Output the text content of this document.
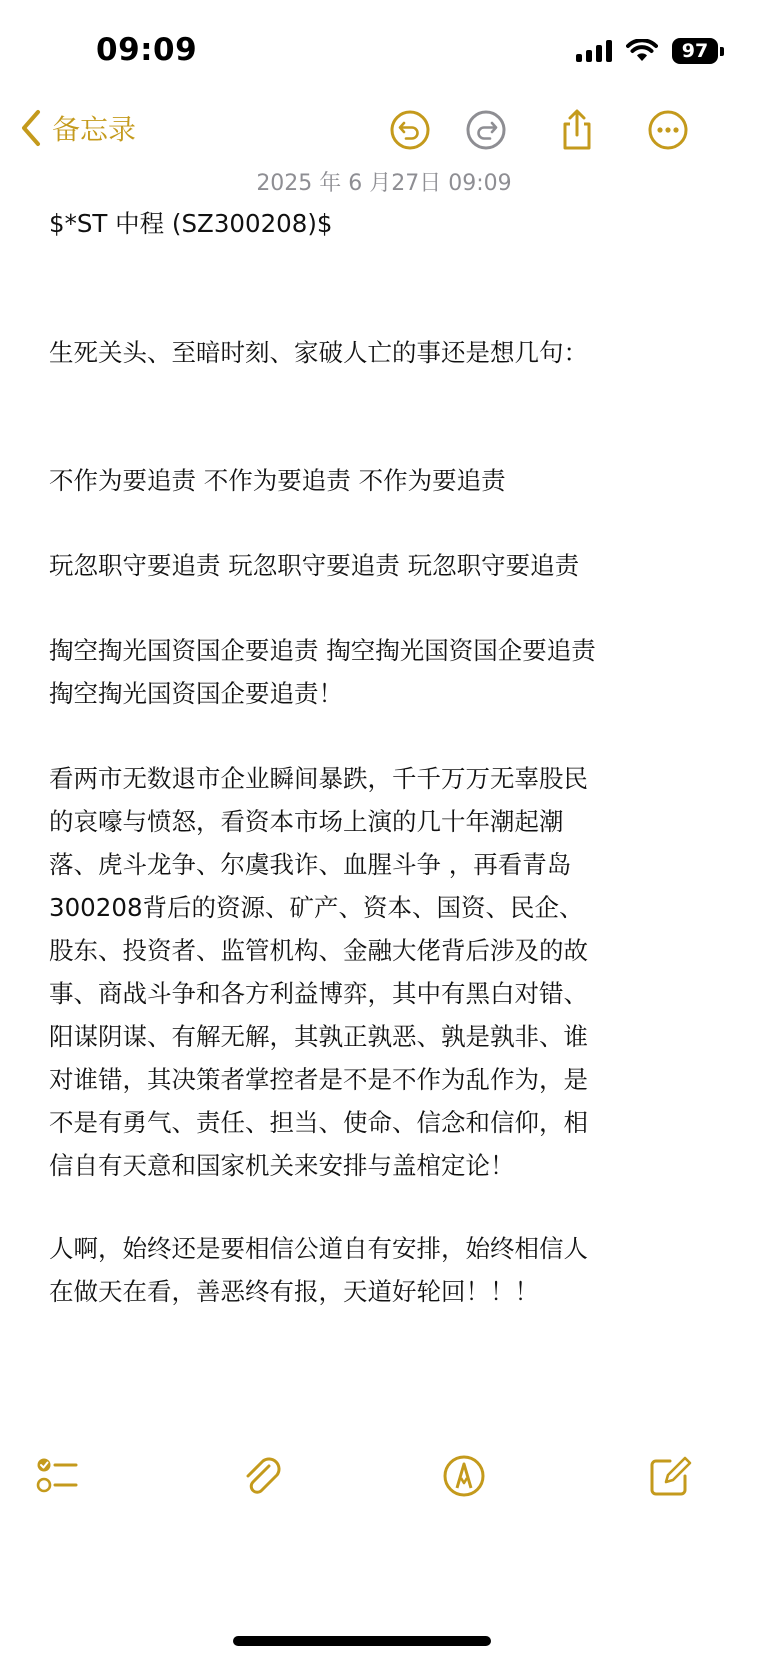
09:09	97
备忘录
2025 年 6 月27日 09:09
$*ST 中程 (SZ300208)$
生死关头、至暗时刻、家破人亡的事还是想几句：
不作为要追责 不作为要追责 不作为要追责
玩忽职守要追责 玩忽职守要追责 玩忽职守要追责

掏空掏光国资国企要追责 掏空掏光国资国企要追责

掏空掏光国资国企要追责！

看两市无数退市企业瞬间暴跌，千千万万无辜股民

的哀嚎与愤怒，看资本市场上演的几十年潮起潮

落、虎斗龙争、尔虞我诈、血腥斗争 ，再看青岛

300208背后的资源、矿产、资本、国资、民企、

股东、投资者、监管机构、金融大佬背后涉及的故

事、商战斗争和各方利益博弈，其中有黑白对错、

阳谋阴谋、有解无解，其孰正孰恶、孰是孰非、谁

对谁错，其决策者掌控者是不是不作为乱作为，是

不是有勇气、责任、担当、使命、信念和信仰，相

信自有天意和国家机关来安排与盖棺定论！

人啊，始终还是要相信公道自有安排，始终相信人

在做天在看，善恶终有报，天道好轮回！！！
